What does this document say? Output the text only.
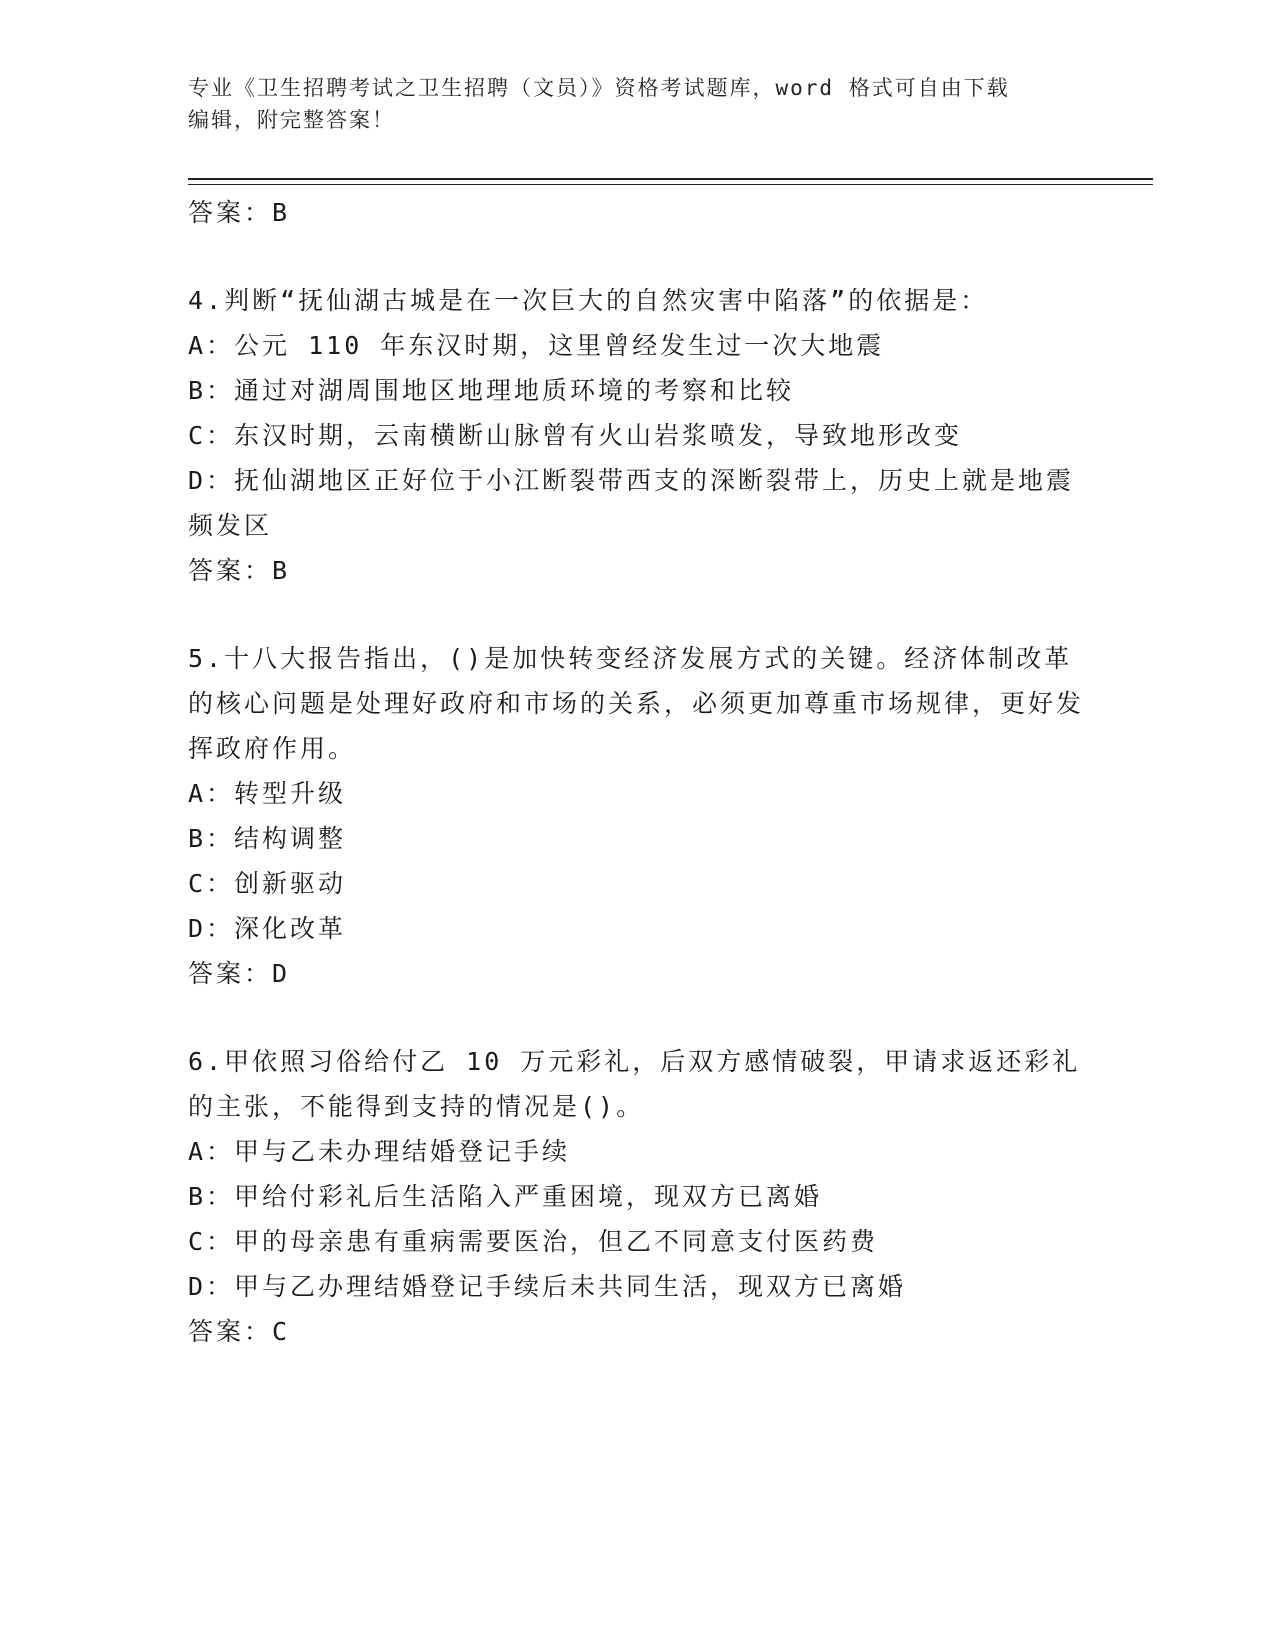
专业《卫生招聘考试之卫生招聘（文员）》资格考试题库，word 格式可自由下载
编辑，附完整答案！
答案：B
4.判断“抚仙湖古城是在一次巨大的自然灾害中陷落”的依据是：
A：公元 110 年东汉时期，这里曾经发生过一次大地震
B：通过对湖周围地区地理地质环境的考察和比较
C：东汉时期，云南横断山脉曾有火山岩浆喷发，导致地形改变
D：抚仙湖地区正好位于小江断裂带西支的深断裂带上，历史上就是地震频发区
答案：B
5.十八大报告指出，()是加快转变经济发展方式的关键。经济体制改革的核心问题是处理好政府和市场的关系，必须更加尊重市场规律，更好发挥政府作用。
A：转型升级
B：结构调整
C：创新驱动
D：深化改革
答案：D
6.甲依照习俗给付乙 10 万元彩礼，后双方感情破裂，甲请求返还彩礼的主张，不能得到支持的情况是()。
A：甲与乙未办理结婚登记手续
B：甲给付彩礼后生活陷入严重困境，现双方已离婚
C：甲的母亲患有重病需要医治，但乙不同意支付医药费
D：甲与乙办理结婚登记手续后未共同生活，现双方已离婚
答案：C
